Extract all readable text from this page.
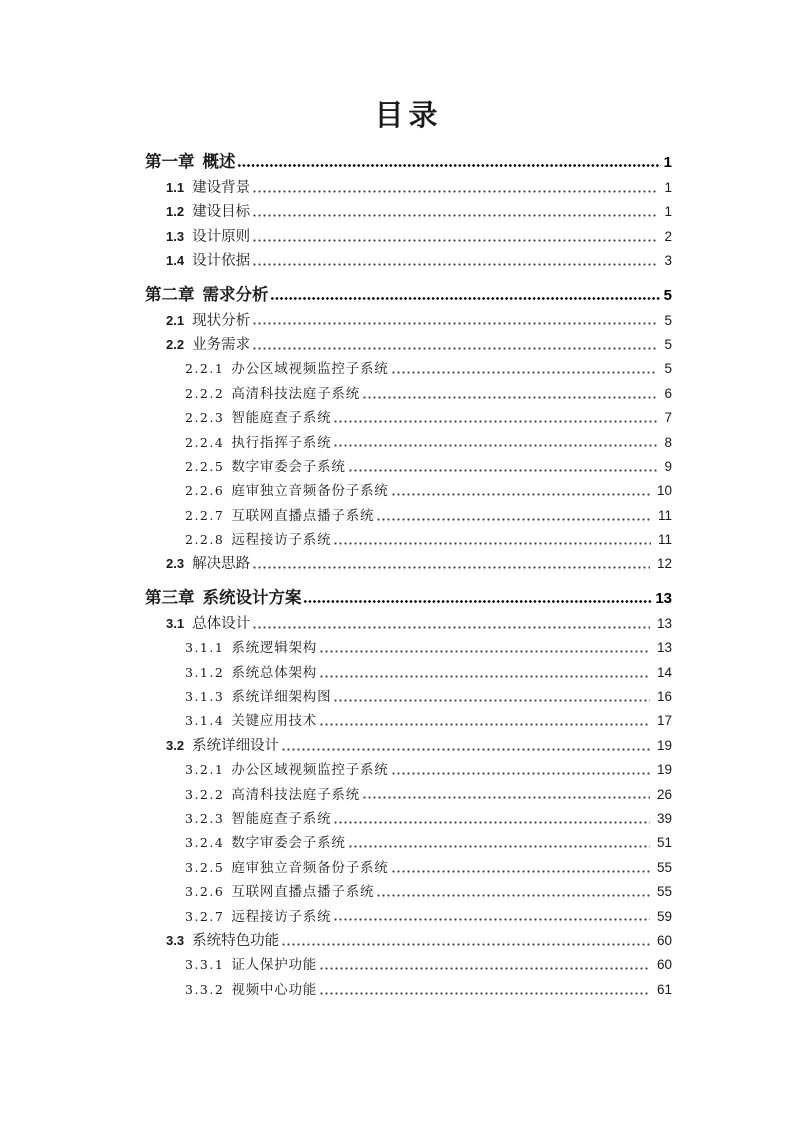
目录
第一章 概述	1
1.1 建设背景	1
1.2 建设目标	1
1.3 设计原则	2
1.4 设计依据	3
第二章 需求分析	5
2.1 现状分析	5
2.2 业务需求	5
2.2.1 办公区域视频监控子系统	5
2.2.2 高清科技法庭子系统	6
2.2.3 智能庭查子系统	7
2.2.4 执行指挥子系统	8
2.2.5 数字审委会子系统	9
2.2.6 庭审独立音频备份子系统	10
2.2.7 互联网直播点播子系统	11
2.2.8 远程接访子系统	11
2.3 解决思路	12
第三章 系统设计方案	13
3.1 总体设计	13
3.1.1 系统逻辑架构	13
3.1.2 系统总体架构	14
3.1.3 系统详细架构图	16
3.1.4 关键应用技术	17
3.2 系统详细设计	19
3.2.1 办公区域视频监控子系统	19
3.2.2 高清科技法庭子系统	26
3.2.3 智能庭查子系统	39
3.2.4 数字审委会子系统	51
3.2.5 庭审独立音频备份子系统	55
3.2.6 互联网直播点播子系统	55
3.2.7 远程接访子系统	59
3.3 系统特色功能	60
3.3.1 证人保护功能	60
3.3.2 视频中心功能	61
